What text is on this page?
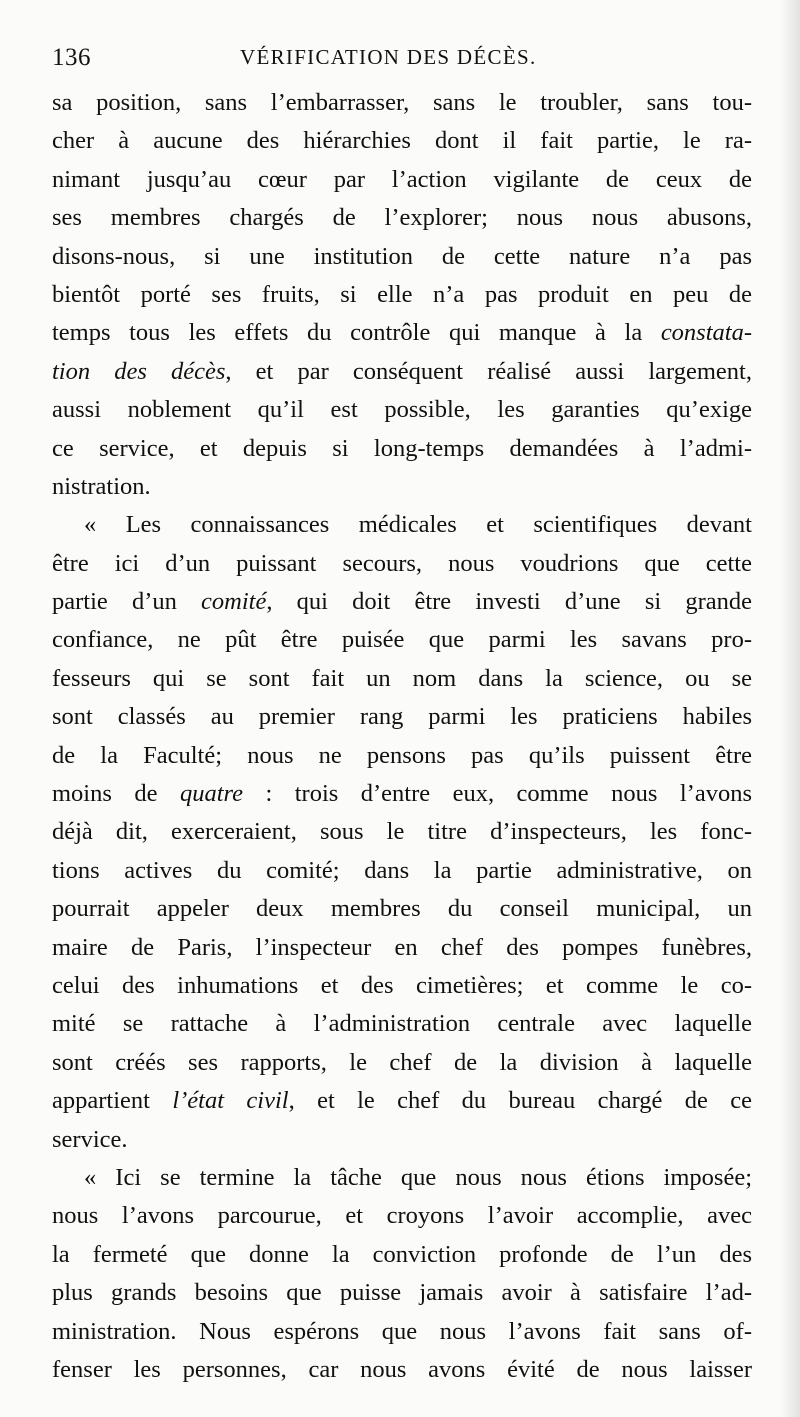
136	VÉRIFICATION DES DÉCÈS.
sa position, sans l’embarrasser, sans le troubler, sans tou-
cher à aucune des hiérarchies dont il fait partie, le ra-
nimant jusqu’au cœur par l’action vigilante de ceux de
ses membres chargés de l’explorer; nous nous abusons,
disons-nous, si une institution de cette nature n’a pas
bientôt porté ses fruits, si elle n’a pas produit en peu de
temps tous les effets du contrôle qui manque à la constata-
tion des décès, et par conséquent réalisé aussi largement,
aussi noblement qu’il est possible, les garanties qu’exige
ce service, et depuis si long-temps demandées à l’admi-
nistration.
« Les connaissances médicales et scientifiques devant
être ici d’un puissant secours, nous voudrions que cette
partie d’un comité, qui doit être investi d’une si grande
confiance, ne pût être puisée que parmi les savans pro-
fesseurs qui se sont fait un nom dans la science, ou se
sont classés au premier rang parmi les praticiens habiles
de la Faculté; nous ne pensons pas qu’ils puissent être
moins de quatre : trois d’entre eux, comme nous l’avons
déjà dit, exerceraient, sous le titre d’inspecteurs, les fonc-
tions actives du comité; dans la partie administrative, on
pourrait appeler deux membres du conseil municipal, un
maire de Paris, l’inspecteur en chef des pompes funèbres,
celui des inhumations et des cimetières; et comme le co-
mité se rattache à l’administration centrale avec laquelle
sont créés ses rapports, le chef de la division à laquelle
appartient l’état civil, et le chef du bureau chargé de ce
service.
« Ici se termine la tâche que nous nous étions imposée;
nous l’avons parcourue, et croyons l’avoir accomplie, avec
la fermeté que donne la conviction profonde de l’un des
plus grands besoins que puisse jamais avoir à satisfaire l’ad-
ministration. Nous espérons que nous l’avons fait sans of-
fenser les personnes, car nous avons évité de nous laisser
